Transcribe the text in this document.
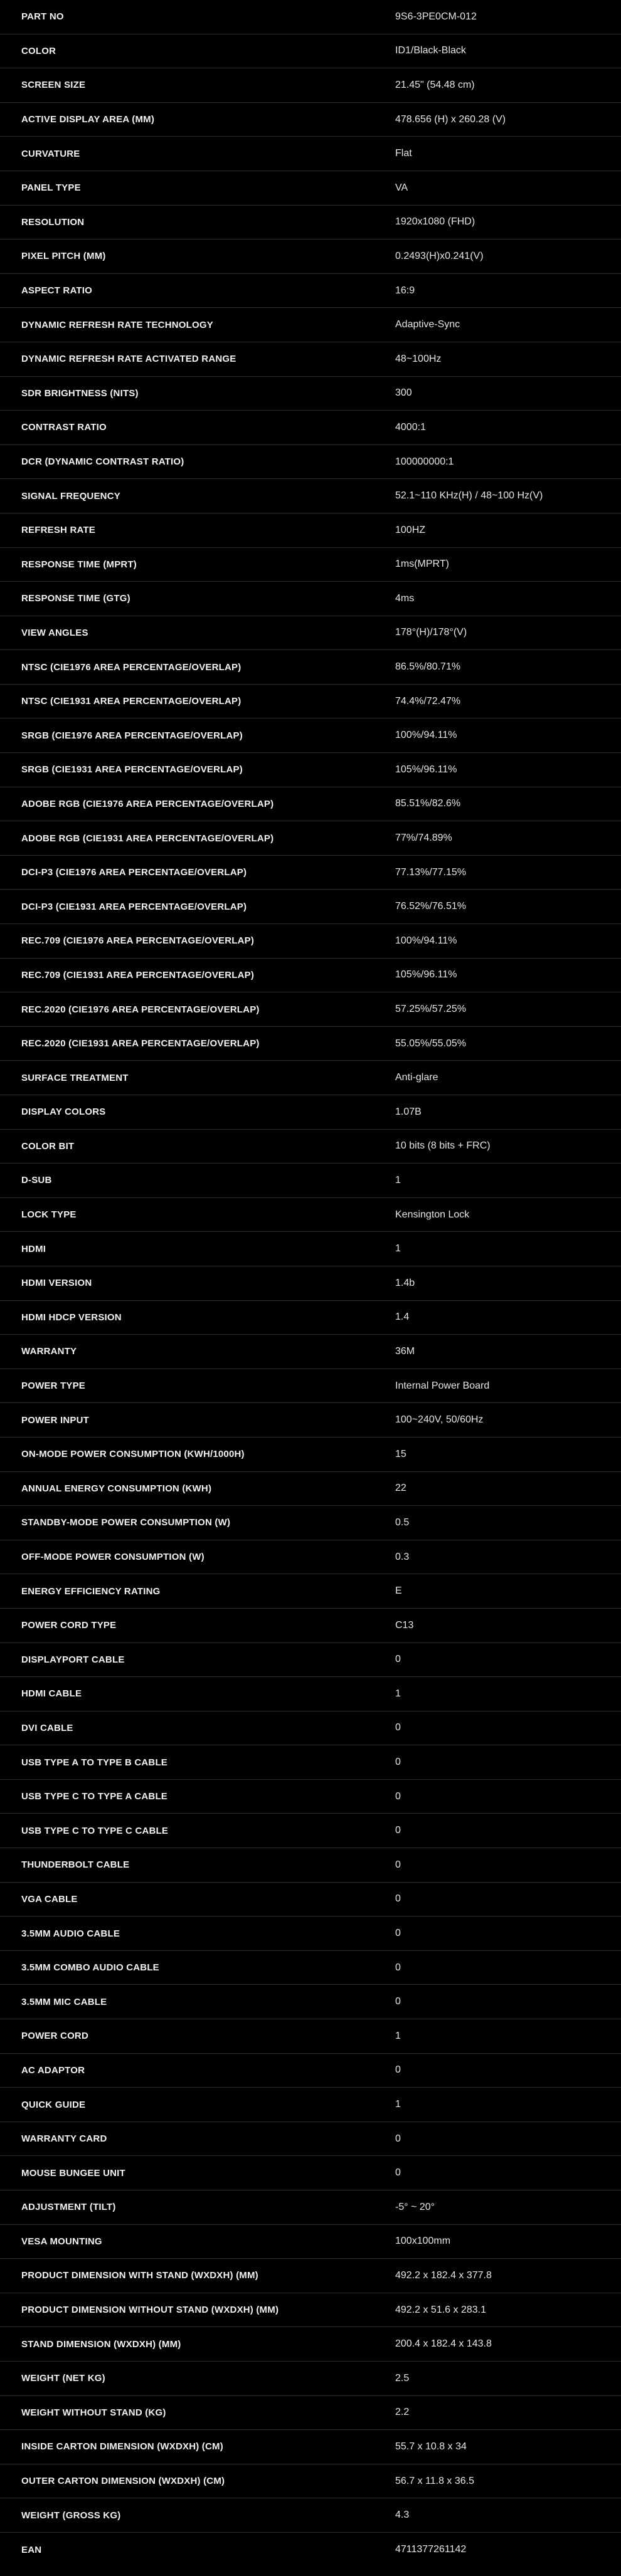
PART NO	9S6-3PE0CM-012
COLOR	ID1/Black-Black
SCREEN SIZE	21.45" (54.48 cm)
ACTIVE DISPLAY AREA (MM)	478.656 (H) x 260.28 (V)
CURVATURE	Flat
PANEL TYPE	VA
RESOLUTION	1920x1080 (FHD)
PIXEL PITCH (MM)	0.2493(H)x0.241(V)
ASPECT RATIO	16:9
DYNAMIC REFRESH RATE TECHNOLOGY	Adaptive-Sync
DYNAMIC REFRESH RATE ACTIVATED RANGE	48~100Hz
SDR BRIGHTNESS (NITS)	300
CONTRAST RATIO	4000:1
DCR (DYNAMIC CONTRAST RATIO)	100000000:1
SIGNAL FREQUENCY	52.1~110 KHz(H) / 48~100 Hz(V)
REFRESH RATE	100HZ
RESPONSE TIME (MPRT)	1ms(MPRT)
RESPONSE TIME (GTG)	4ms
VIEW ANGLES	178°(H)/178°(V)
NTSC (CIE1976 AREA PERCENTAGE/OVERLAP)	86.5%/80.71%
NTSC (CIE1931 AREA PERCENTAGE/OVERLAP)	74.4%/72.47%
SRGB (CIE1976 AREA PERCENTAGE/OVERLAP)	100%/94.11%
SRGB (CIE1931 AREA PERCENTAGE/OVERLAP)	105%/96.11%
ADOBE RGB (CIE1976 AREA PERCENTAGE/OVERLAP)	85.51%/82.6%
ADOBE RGB (CIE1931 AREA PERCENTAGE/OVERLAP)	77%/74.89%
DCI-P3 (CIE1976 AREA PERCENTAGE/OVERLAP)	77.13%/77.15%
DCI-P3 (CIE1931 AREA PERCENTAGE/OVERLAP)	76.52%/76.51%
REC.709 (CIE1976 AREA PERCENTAGE/OVERLAP)	100%/94.11%
REC.709 (CIE1931 AREA PERCENTAGE/OVERLAP)	105%/96.11%
REC.2020 (CIE1976 AREA PERCENTAGE/OVERLAP)	57.25%/57.25%
REC.2020 (CIE1931 AREA PERCENTAGE/OVERLAP)	55.05%/55.05%
SURFACE TREATMENT	Anti-glare
DISPLAY COLORS	1.07B
COLOR BIT	10 bits (8 bits + FRC)
D-SUB	1
LOCK TYPE	Kensington Lock
HDMI	1
HDMI VERSION	1.4b
HDMI HDCP VERSION	1.4
WARRANTY	36M
POWER TYPE	Internal Power Board
POWER INPUT	100~240V, 50/60Hz
ON-MODE POWER CONSUMPTION (KWH/1000H)	15
ANNUAL ENERGY CONSUMPTION (KWH)	22
STANDBY-MODE POWER CONSUMPTION (W)	0.5
OFF-MODE POWER CONSUMPTION (W)	0.3
ENERGY EFFICIENCY RATING	E
POWER CORD TYPE	C13
DISPLAYPORT CABLE	0
HDMI CABLE	1
DVI CABLE	0
USB TYPE A TO TYPE B CABLE	0
USB TYPE C TO TYPE A CABLE	0
USB TYPE C TO TYPE C CABLE	0
THUNDERBOLT CABLE	0
VGA CABLE	0
3.5MM AUDIO CABLE	0
3.5MM COMBO AUDIO CABLE	0
3.5MM MIC CABLE	0
POWER CORD	1
AC ADAPTOR	0
QUICK GUIDE	1
WARRANTY CARD	0
MOUSE BUNGEE UNIT	0
ADJUSTMENT (TILT)	-5° ~ 20°
VESA MOUNTING	100x100mm
PRODUCT DIMENSION WITH STAND (WXDXH) (MM)	492.2 x 182.4 x 377.8
PRODUCT DIMENSION WITHOUT STAND (WXDXH) (MM)	492.2 x 51.6 x 283.1
STAND DIMENSION (WXDXH) (MM)	200.4 x 182.4 x 143.8
WEIGHT (NET KG)	2.5
WEIGHT WITHOUT STAND (KG)	2.2
INSIDE CARTON DIMENSION (WXDXH) (CM)	55.7 x 10.8 x 34
OUTER CARTON DIMENSION (WXDXH) (CM)	56.7 x 11.8 x 36.5
WEIGHT (GROSS KG)	4.3
EAN	4711377261142
